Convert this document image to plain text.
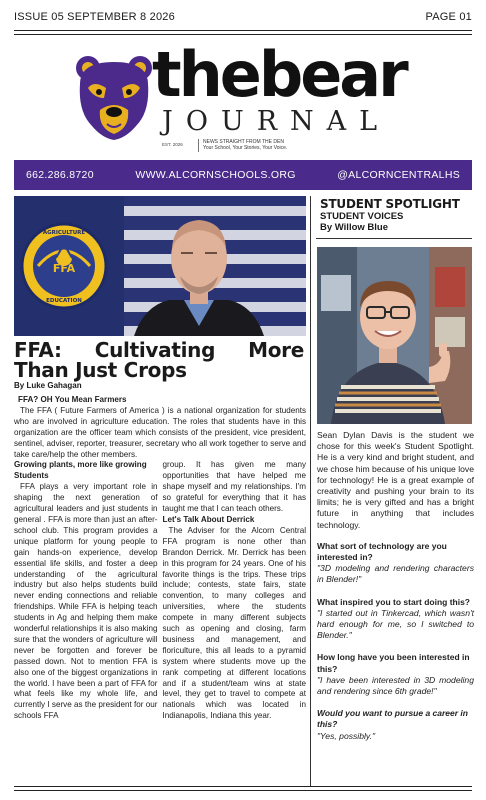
ISSUE 05 SEPTEMBER 8 2026	PAGE 01
thebear
JOURNAL
EST. 2026	NEWS STRAIGHT FROM THE DEN
Your School, Your Stories, Your Voice.
662.286.8720	WWW.ALCORNSCHOOLS.ORG	@ALCORNCENTRALHS
FFA
AGRICULTURE
EDUCATION
FFA: Cultivating More
Than Just Crops
By Luke Gahagan
FFA? OH You Mean Farmers

The FFA ( Future Farmers of America ) is a national organization for students who are involved in agriculture education. The roles that students have in this organization are the officer team which consists of the president, vice president, sentinel, adviser, reporter, treasurer, secretary who all work together to serve and take care/help the other members.

Growing plants, more like growing Students

FFA plays a very important role in shaping the next generation of agricultural leaders and just students in general . FFA is more than just an after-school club. This program provides a unique platform for young people to gain hands-on experience, develop essential life skills, and foster a deep understanding of the agricultural industry but also helps students build never ending connections and reliable friendships. While FFA is helping teach students in Ag and helping them make wonderful relationships it is also making sure that the wonders of agriculture will never be forgotten and forever be passed down. Not to mention FFA is also one of the biggest organizations in the world. I have been a part of FFA for what feels like my whole life, and currently I serve as the president for our schools FFA

group. It has given me many opportunities that have helped me shape myself and my relationships. I'm so grateful for everything that it has taught me that I can teach others.

Let's Talk About Derrick

The Adviser for the Alcorn Central FFA program is none other than Brandon Derrick. Mr. Derrick has been in this program for 24 years. One of his favorite things is the trips. These trips include; contests, state fairs, state convention, to many colleges and universities, where the students compete in many different subjects such as opening and closing, farm business and management, and floriculture, this all leads to a pyramid system where students move up the rank competing at different locations and if a student/team wins at state level, they get to travel to compete at nationals which was located in Indianapolis, Indiana this year.

STUDENT SPOTLIGHT
STUDENT VOICES
By Willow Blue

Sean Dylan Davis is the student we chose for this week's Student Spotlight. He is a very kind and bright student, and we chose him because of his unique love for technology! He is a great example of creativity and pushing your brain to its limits; he is very gifted and has a bright future in anything that includes technology.

What sort of technology are you interested in?
"3D modeling and rendering characters in Blender!"
What inspired you to start doing this?
"I started out in Tinkercad, which wasn't hard enough for me, so I switched to Blender."
How long have you been interested in this?
"I have been interested in 3D modeling and rendering since 6th grade!"
Would you want to pursue a career in this?
"Yes, possibly."
